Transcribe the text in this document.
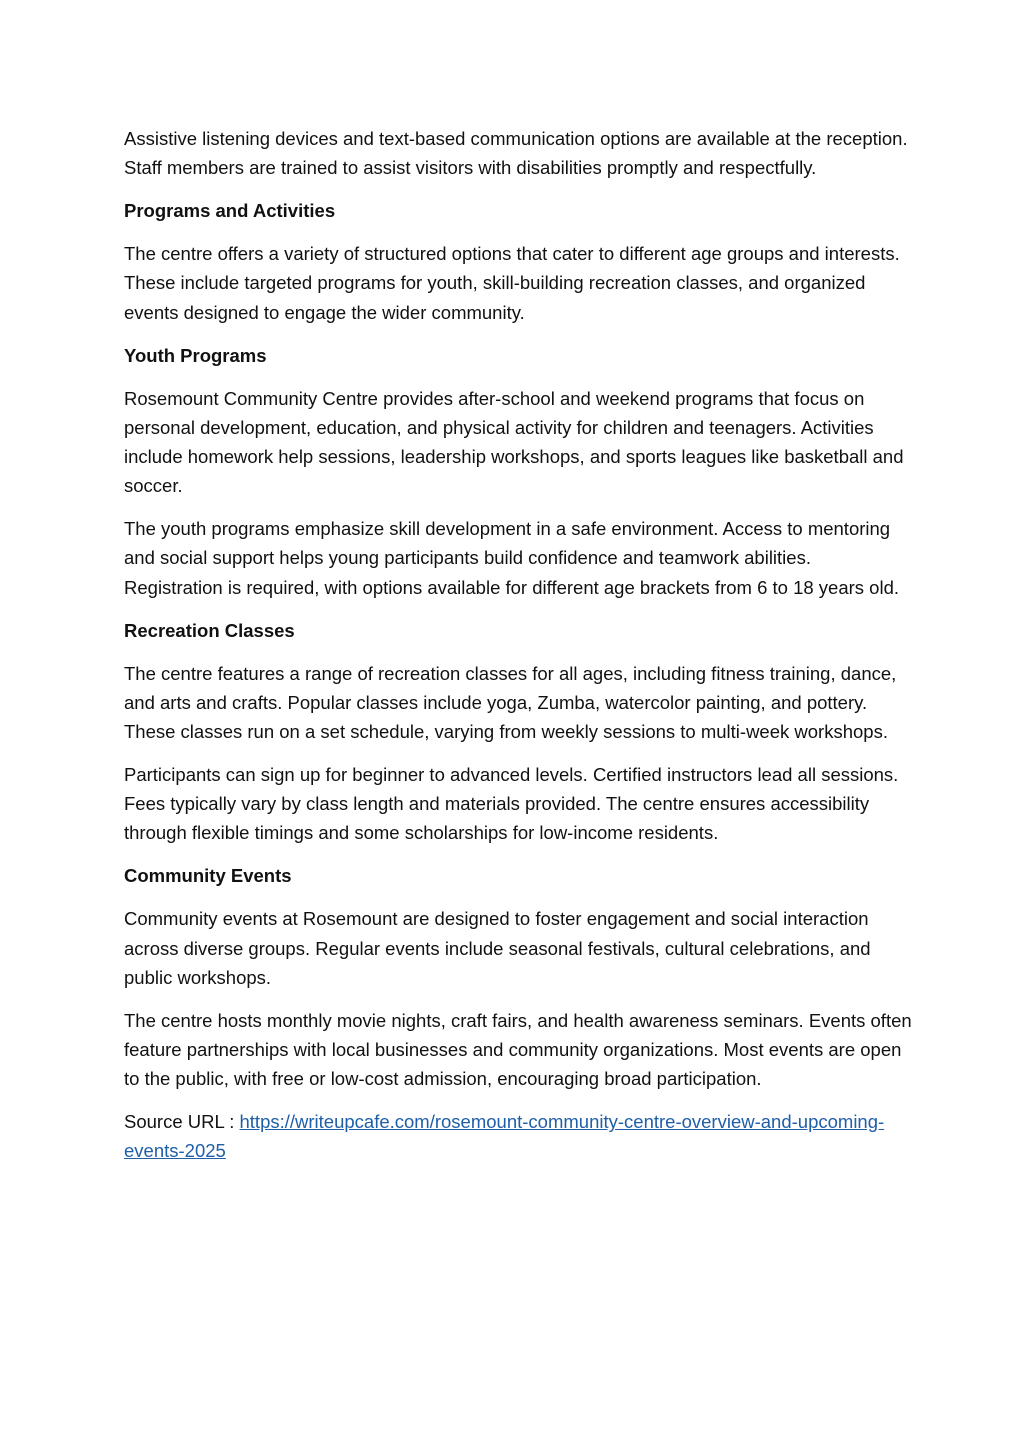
Assistive listening devices and text-based communication options are available at the reception. Staff members are trained to assist visitors with disabilities promptly and respectfully.

Programs and Activities

The centre offers a variety of structured options that cater to different age groups and interests. These include targeted programs for youth, skill-building recreation classes, and organized events designed to engage the wider community.

Youth Programs

Rosemount Community Centre provides after-school and weekend programs that focus on personal development, education, and physical activity for children and teenagers. Activities include homework help sessions, leadership workshops, and sports leagues like basketball and soccer.

The youth programs emphasize skill development in a safe environment. Access to mentoring and social support helps young participants build confidence and teamwork abilities. Registration is required, with options available for different age brackets from 6 to 18 years old.

Recreation Classes

The centre features a range of recreation classes for all ages, including fitness training, dance, and arts and crafts. Popular classes include yoga, Zumba, watercolor painting, and pottery. These classes run on a set schedule, varying from weekly sessions to multi-week workshops.

Participants can sign up for beginner to advanced levels. Certified instructors lead all sessions. Fees typically vary by class length and materials provided. The centre ensures accessibility through flexible timings and some scholarships for low-income residents.

Community Events

Community events at Rosemount are designed to foster engagement and social interaction across diverse groups. Regular events include seasonal festivals, cultural celebrations, and public workshops.

The centre hosts monthly movie nights, craft fairs, and health awareness seminars. Events often feature partnerships with local businesses and community organizations. Most events are open to the public, with free or low-cost admission, encouraging broad participation.

Source URL : https://writeupcafe.com/rosemount-community-centre-overview-and-upcoming-events-2025
